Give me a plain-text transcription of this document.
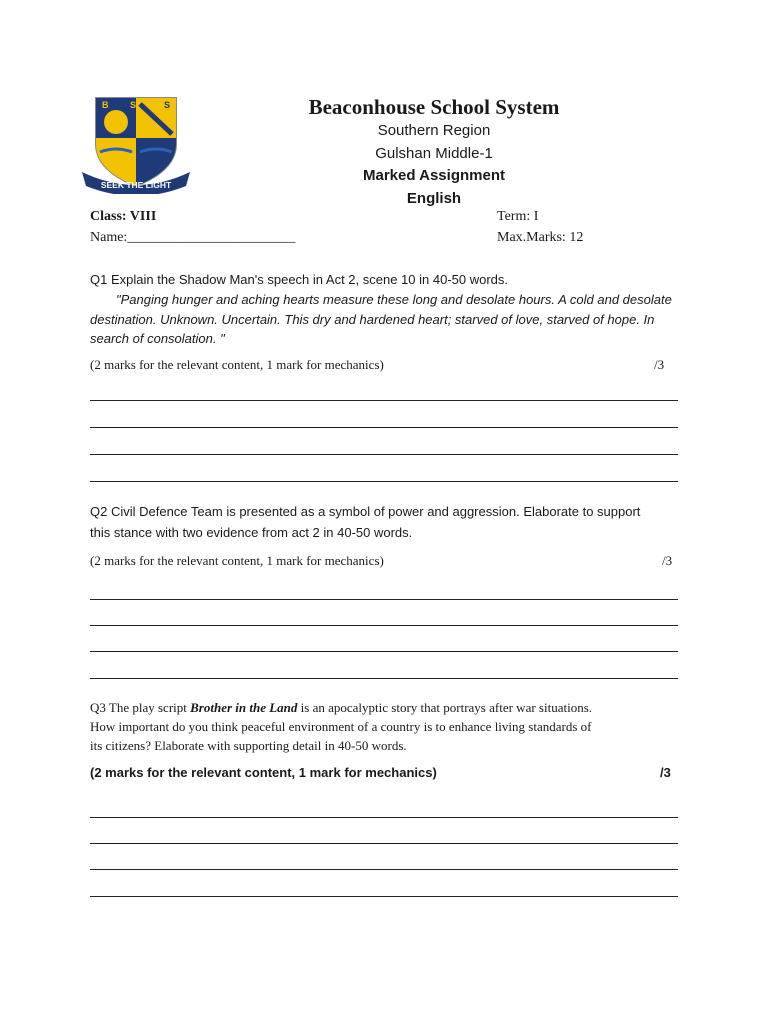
B S	S
SEEK THE LIGHT
Beaconhouse School System
Southern Region
Gulshan Middle-1
Marked Assignment
English
Class: VIII
Name:________________________
Term: I
Max.Marks: 12
Q1 Explain the Shadow Man's speech in Act 2, scene 10 in 40-50 words.
"Panging hunger and aching hearts measure these long and desolate hours. A cold and desolate destination. Unknown. Uncertain. This dry and hardened heart; starved of love, starved of hope. In search of consolation. "
(2 marks for the relevant content, 1 mark for mechanics)	/3
Q2 Civil Defence Team is presented as a symbol of power and aggression. Elaborate to support
this stance with two evidence from act 2 in 40-50 words.
(2 marks for the relevant content, 1 mark for mechanics)	/3
Q3 The play script Brother in the Land is an apocalyptic story that portrays after war situations.
How important do you think peaceful environment of a country is to enhance living standards of
its citizens? Elaborate with supporting detail in 40-50 words.
(2 marks for the relevant content, 1 mark for mechanics)	/3
